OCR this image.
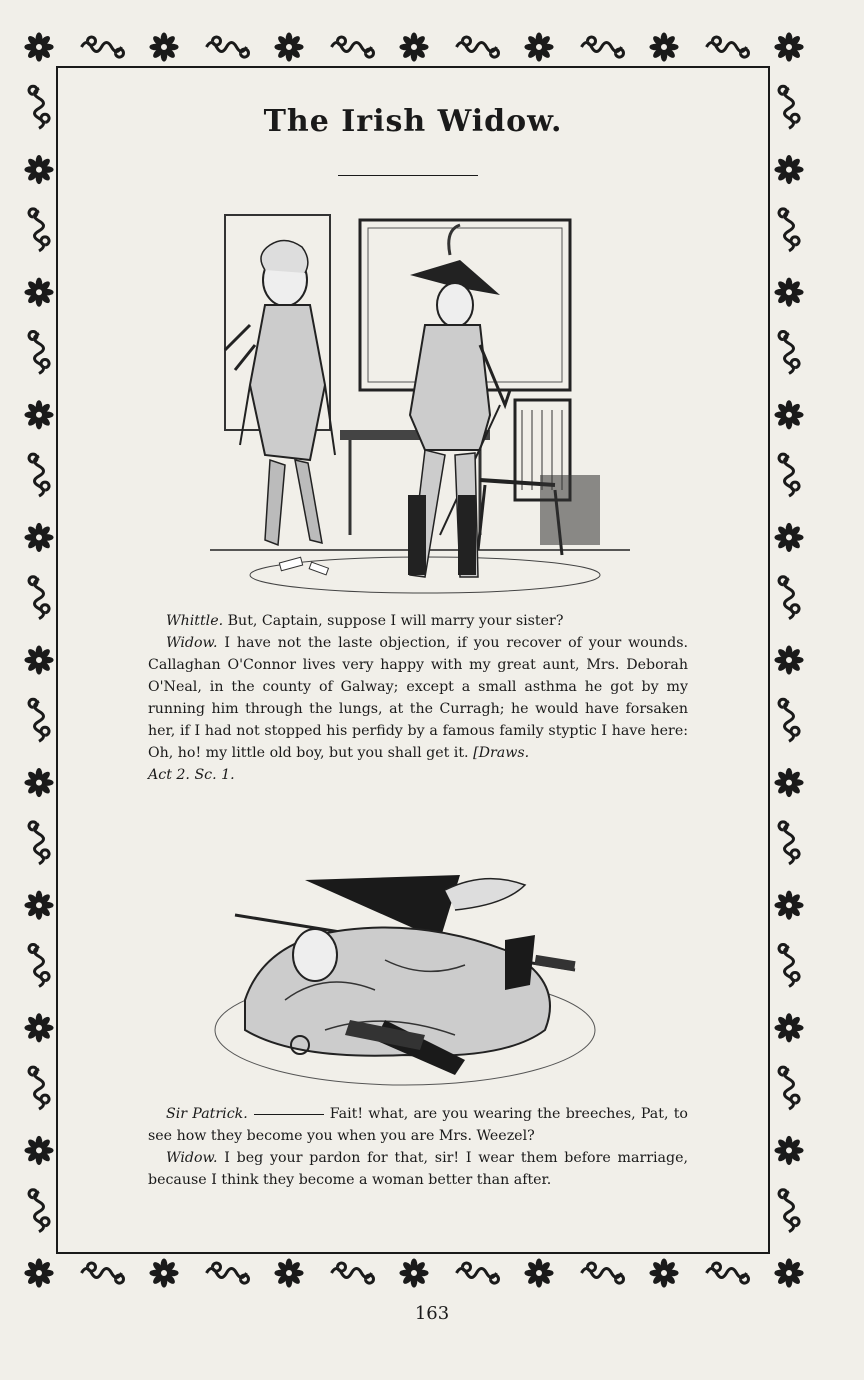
The Irish Widow.

Whittle. But, Captain, suppose I will marry your sister?

Widow. I have not the laste objection, if you recover of your wounds. Callaghan O'Connor lives very happy with my great aunt, Mrs. Deborah O'Neal, in the county of Galway; except a small asthma he got by my running him through the lungs, at the Curragh; he would have forsaken her, if I had not stopped his perfidy by a famous family styptic I have here: Oh, ho! my little old boy, but you shall get it. [Draws.

Act 2. Sc. 1.

Sir Patrick.	Fait! what, are you wearing the breeches, Pat, to see how they become you when you are Mrs. Weezel?

Widow. I beg your pardon for that, sir! I wear them before marriage, because I think they become a woman better than after.

163
